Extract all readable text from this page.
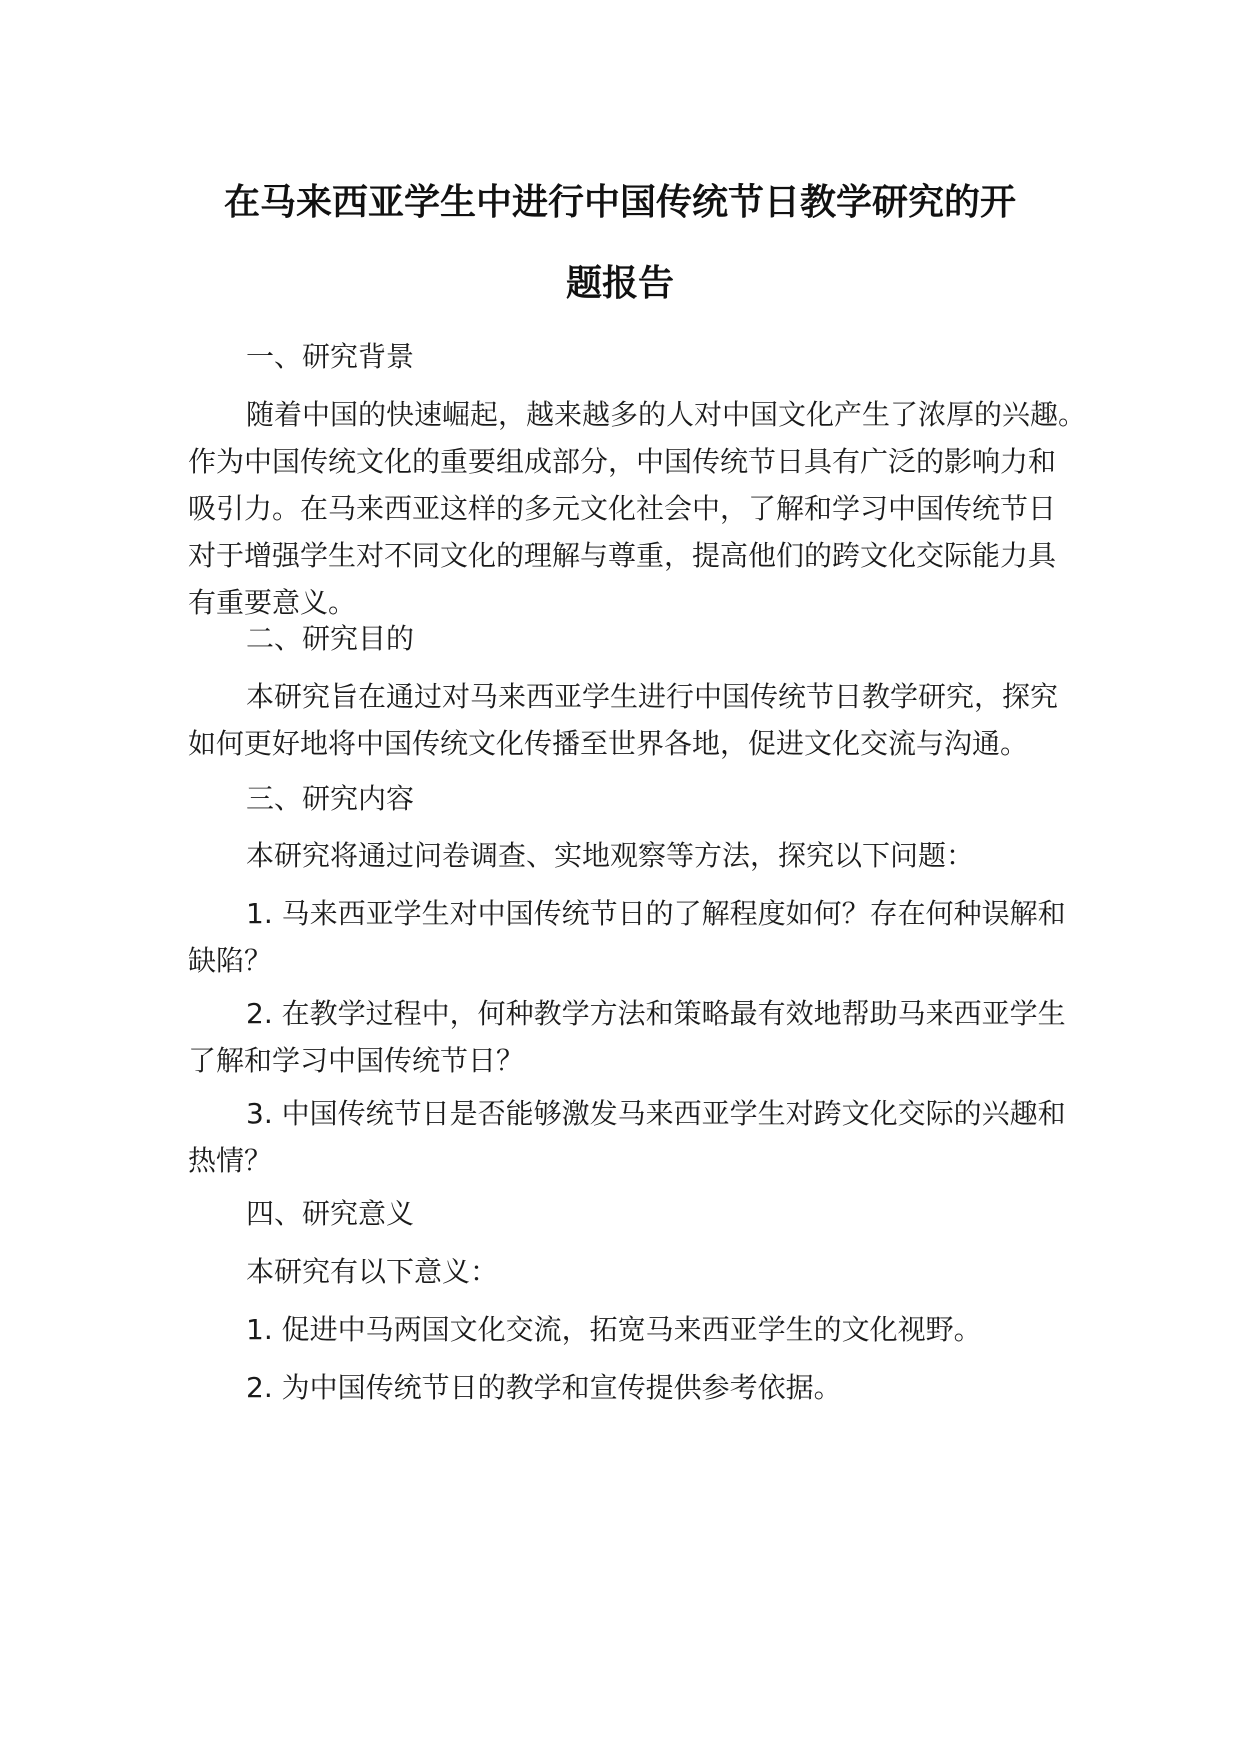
在马来西亚学生中进行中国传统节日教学研究的开
题报告
一、研究背景
随着中国的快速崛起，越来越多的人对中国文化产生了浓厚的兴趣。
作为中国传统文化的重要组成部分，中国传统节日具有广泛的影响力和
吸引力。在马来西亚这样的多元文化社会中，了解和学习中国传统节日
对于增强学生对不同文化的理解与尊重，提高他们的跨文化交际能力具
有重要意义。
二、研究目的
本研究旨在通过对马来西亚学生进行中国传统节日教学研究，探究
如何更好地将中国传统文化传播至世界各地，促进文化交流与沟通。
三、研究内容
本研究将通过问卷调查、实地观察等方法，探究以下问题：
1. 马来西亚学生对中国传统节日的了解程度如何？存在何种误解和
缺陷？
2. 在教学过程中，何种教学方法和策略最有效地帮助马来西亚学生
了解和学习中国传统节日？
3. 中国传统节日是否能够激发马来西亚学生对跨文化交际的兴趣和
热情？
四、研究意义
本研究有以下意义：
1. 促进中马两国文化交流，拓宽马来西亚学生的文化视野。
2. 为中国传统节日的教学和宣传提供参考依据。
